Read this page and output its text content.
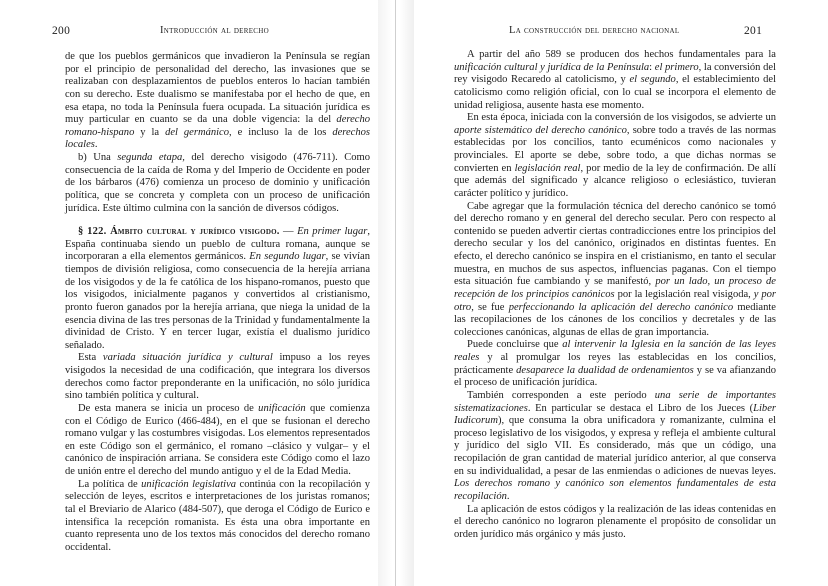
200	Introducción al derecho

de que los pueblos germánicos que invadieron la Península se regían por el principio de personalidad del derecho, las invasiones que se realizaban con desplazamientos de pueblos enteros lo hacían también con su derecho. Este dualismo se manifestaba por el hecho de que, en esa etapa, no toda la Península fuera ocupada. La situación jurídica es muy particular en cuanto se da una doble vigencia: la del derecho romano-hispano y la del germánico, e incluso la de los derechos locales.

b) Una segunda etapa, del derecho visigodo (476-711). Como consecuencia de la caída de Roma y del Imperio de Occidente en poder de los bárbaros (476) comienza un proceso de dominio y unificación política, que se concreta y completa con un proceso de unificación jurídica. Este último culmina con la sanción de diversos códigos.

§ 122. Ámbito cultural y jurídico visigodo. — En primer lugar, España continuaba siendo un pueblo de cultura romana, aunque se incorporaran a ella elementos germánicos. En segundo lugar, se vivían tiempos de división religiosa, como consecuencia de la herejía arriana de los visigodos y de la fe católica de los hispano-romanos, puesto que los visigodos, inicialmente paganos y convertidos al cristianismo, pronto fueron ganados por la herejía arriana, que niega la unidad de la esencia divina de las tres personas de la Trinidad y fundamentalmente la divinidad de Cristo. Y en tercer lugar, existía el dualismo jurídico señalado.

Esta variada situación jurídica y cultural impuso a los reyes visigodos la necesidad de una codificación, que integrara los diversos derechos como factor preponderante en la unificación, no sólo jurídica sino también política y cultural.

De esta manera se inicia un proceso de unificación que comienza con el Código de Eurico (466-484), en el que se fusionan el derecho romano vulgar y las costumbres visigodas. Los elementos representados en este Código son el germánico, el romano –clásico y vulgar– y el canónico de inspiración arriana. Se considera este Código como el lazo de unión entre el derecho del mundo antiguo y el de la Edad Media.

La política de unificación legislativa continúa con la recopilación y selección de leyes, escritos e interpretaciones de los juristas romanos; tal el Breviario de Alarico (484-507), que deroga el Código de Eurico e intensifica la recepción romanista. Es ésta una obra importante en cuanto representa uno de los textos más conocidos del derecho romano occidental.

La construcción del derecho nacional	201

A partir del año 589 se producen dos hechos fundamentales para la unificación cultural y jurídica de la Península: el primero, la conversión del rey visigodo Recaredo al catolicismo, y el segundo, el establecimiento del catolicismo como religión oficial, con lo cual se incorpora el elemento de unidad religiosa, ausente hasta ese momento.

En esta época, iniciada con la conversión de los visigodos, se advierte un aporte sistemático del derecho canónico, sobre todo a través de las normas establecidas por los concilios, tanto ecuménicos como nacionales y provinciales. El aporte se debe, sobre todo, a que dichas normas se convierten en legislación real, por medio de la ley de confirmación. De allí que además del significado y alcance religioso o eclesiástico, tuvieran carácter político y jurídico.

Cabe agregar que la formulación técnica del derecho canónico se tomó del derecho romano y en general del derecho secular. Pero con respecto al contenido se pueden advertir ciertas contradicciones entre los principios del derecho secular y los del canónico, originados en distintas fuentes. En efecto, el derecho canónico se inspira en el cristianismo, en tanto el secular muestra, en muchos de sus aspectos, influencias paganas. Con el tiempo esta situación fue cambiando y se manifestó, por un lado, un proceso de recepción de los principios canónicos por la legislación real visigoda, y por otro, se fue perfeccionando la aplicación del derecho canónico mediante las recopilaciones de los cánones de los concilios y decretales y de las colecciones canónicas, algunas de ellas de gran importancia.

Puede concluirse que al intervenir la Iglesia en la sanción de las leyes reales y al promulgar los reyes las establecidas en los concilios, prácticamente desaparece la dualidad de ordenamientos y se va afianzando el proceso de unificación jurídica.

También corresponden a este período una serie de importantes sistematizaciones. En particular se destaca el Libro de los Jueces (Liber Iudicorum), que consuma la obra unificadora y romanizante, culmina el proceso legislativo de los visigodos, y expresa y refleja el ambiente cultural y jurídico del siglo VII. Es considerado, más que un código, una recopilación de gran cantidad de material jurídico anterior, al que conserva en su individualidad, a pesar de las enmiendas o adiciones de nuevas leyes. Los derechos romano y canónico son elementos fundamentales de esta recopilación.

La aplicación de estos códigos y la realización de las ideas contenidas en el derecho canónico no lograron plenamente el propósito de consolidar un orden jurídico más orgánico y más justo.
